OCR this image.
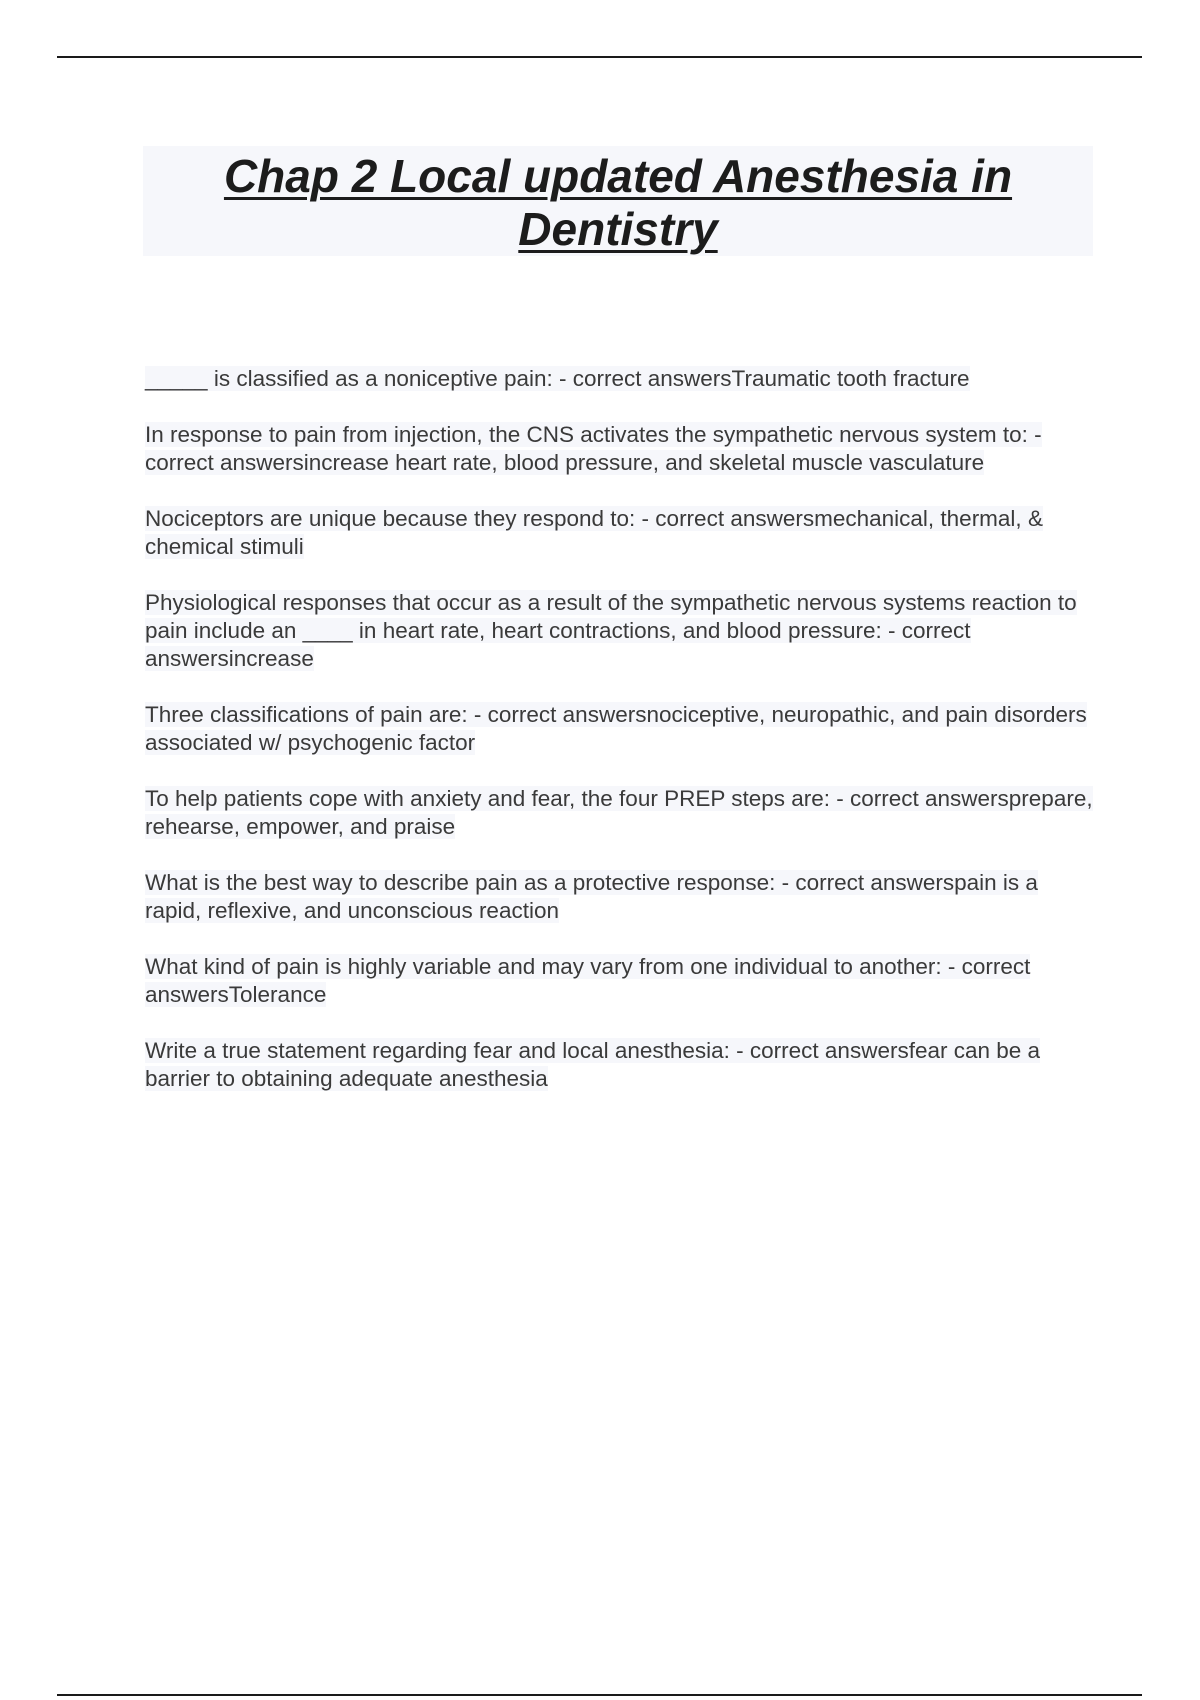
Chap 2 Local updated Anesthesia in Dentistry

_____ is classified as a noniceptive pain: - correct answersTraumatic tooth fracture

In response to pain from injection, the CNS activates the sympathetic nervous system to: - correct answersincrease heart rate, blood pressure, and skeletal muscle vasculature

Nociceptors are unique because they respond to: - correct answersmechanical, thermal, & chemical stimuli

Physiological responses that occur as a result of the sympathetic nervous systems reaction to pain include an ____ in heart rate, heart contractions, and blood pressure: - correct answersincrease

Three classifications of pain are: - correct answersnociceptive, neuropathic, and pain disorders associated w/ psychogenic factor

To help patients cope with anxiety and fear, the four PREP steps are: - correct answersprepare, rehearse, empower, and praise

What is the best way to describe pain as a protective response: - correct answerspain is a rapid, reflexive, and unconscious reaction

What kind of pain is highly variable and may vary from one individual to another: - correct answersTolerance

Write a true statement regarding fear and local anesthesia: - correct answersfear can be a barrier to obtaining adequate anesthesia
